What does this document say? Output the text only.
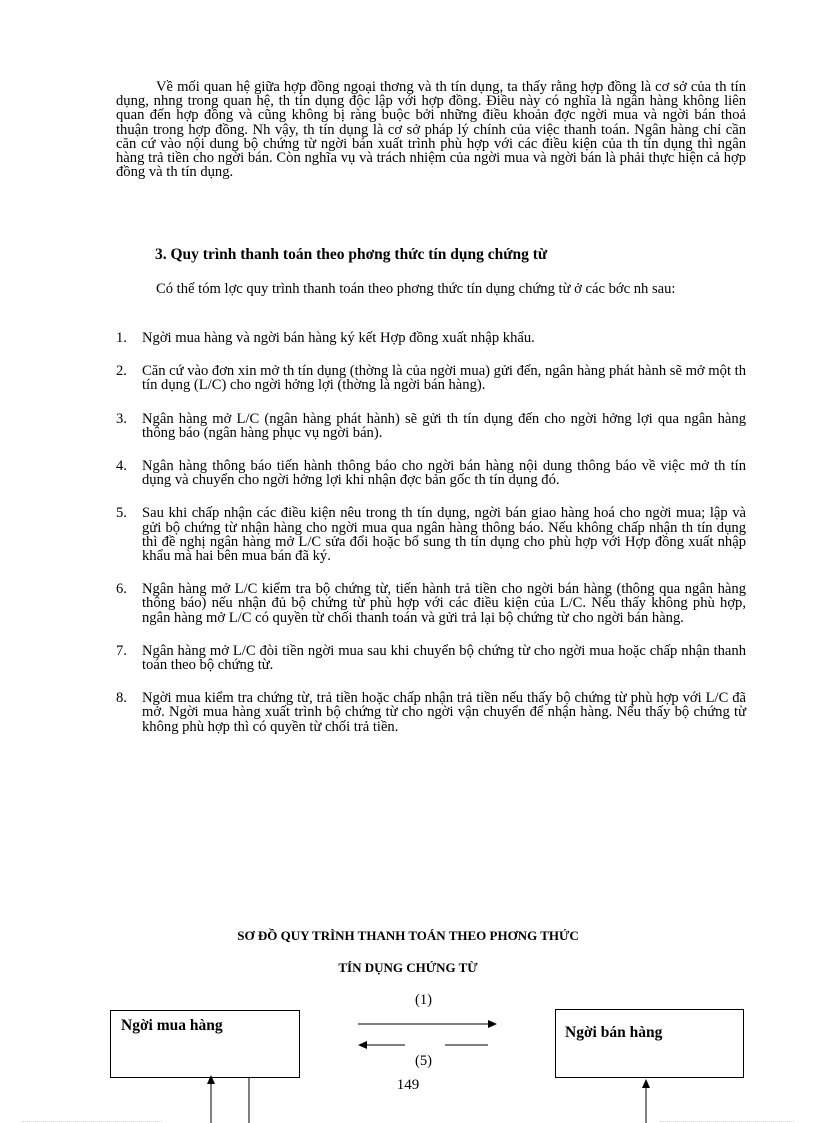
Về mối quan hệ giữa hợp đồng ngoại thơng và th tín dụng, ta thấy rằng hợp đồng là cơ sở của th tín dụng, nhng trong quan hệ, th tín dụng độc lập với hợp đồng. Điều này có nghĩa là ngân hàng không liên quan đến hợp đồng và cũng không bị ràng buộc bởi những điều khoản đợc ngời mua và ngời bán thoả thuận trong hợp đồng. Nh vậy, th tín dụng là cơ sở pháp lý chính của việc thanh toán. Ngân hàng chỉ cần căn cứ vào nội dung bộ chứng từ ngời bán xuất trình phù hợp với các điều kiện của th tín dụng thì ngân hàng trả tiền cho ngời bán. Còn nghĩa vụ và trách nhiệm của ngời mua và ngời bán là phải thực hiện cả hợp đồng và th tín dụng.

3. Quy trình thanh toán theo phơng thức tín dụng chứng từ

Có thể tóm lợc quy trình thanh toán theo phơng thức tín dụng chứng từ ở các bớc nh sau:

1. Ngời mua hàng và ngời bán hàng ký kết Hợp đồng xuất nhập khẩu.
2. Căn cứ vào đơn xin mở th tín dụng (thờng là của ngời mua) gửi đến, ngân hàng phát hành sẽ mở một th tín dụng (L/C) cho ngời hởng lợi (thờng là ngời bán hàng).
3. Ngân hàng mở L/C (ngân hàng phát hành) sẽ gửi th tín dụng đến cho ngời hởng lợi qua ngân hàng thông báo (ngân hàng phục vụ ngời bán).
4. Ngân hàng thông báo tiến hành thông báo cho ngời bán hàng nội dung thông báo về việc mở th tín dụng và chuyển cho ngời hởng lợi khi nhận đợc bản gốc th tín dụng đó.
5. Sau khi chấp nhận các điều kiện nêu trong th tín dụng, ngời bán giao hàng hoá cho ngời mua; lập và gửi bộ chứng từ nhận hàng cho ngời mua qua ngân hàng thông báo. Nếu không chấp nhận th tín dụng thì đề nghị ngân hàng mở L/C sửa đổi hoặc bổ sung th tín dụng cho phù hợp với Hợp đồng xuất nhập khẩu mà hai bên mua bán đã ký.
6. Ngân hàng mở L/C kiểm tra bộ chứng từ, tiến hành trả tiền cho ngời bán hàng (thông qua ngân hàng thông báo) nếu nhận đủ bộ chứng từ phù hợp với các điều kiện của L/C. Nếu thấy không phù hợp, ngân hàng mở L/C có quyền từ chối thanh toán và gửi trả lại bộ chứng từ cho ngời bán hàng.
7. Ngân hàng mở L/C đòi tiền ngời mua sau khi chuyển bộ chứng từ cho ngời mua hoặc chấp nhận thanh toán theo bộ chứng từ.
8. Ngời mua kiểm tra chứng từ, trả tiền hoặc chấp nhận trả tiền nếu thấy bộ chứng từ phù hợp với L/C đã mở. Ngời mua hàng xuất trình bộ chứng từ cho ngời vận chuyển để nhận hàng. Nếu thấy bộ chứng từ không phù hợp thì có quyền từ chối trả tiền.

SƠ ĐỒ QUY TRÌNH THANH TOÁN THEO PHƠNG THỨC

TÍN DỤNG CHỨNG TỪ

Ngời mua hàng	Ngời bán hàng
(1)
(5)
149
